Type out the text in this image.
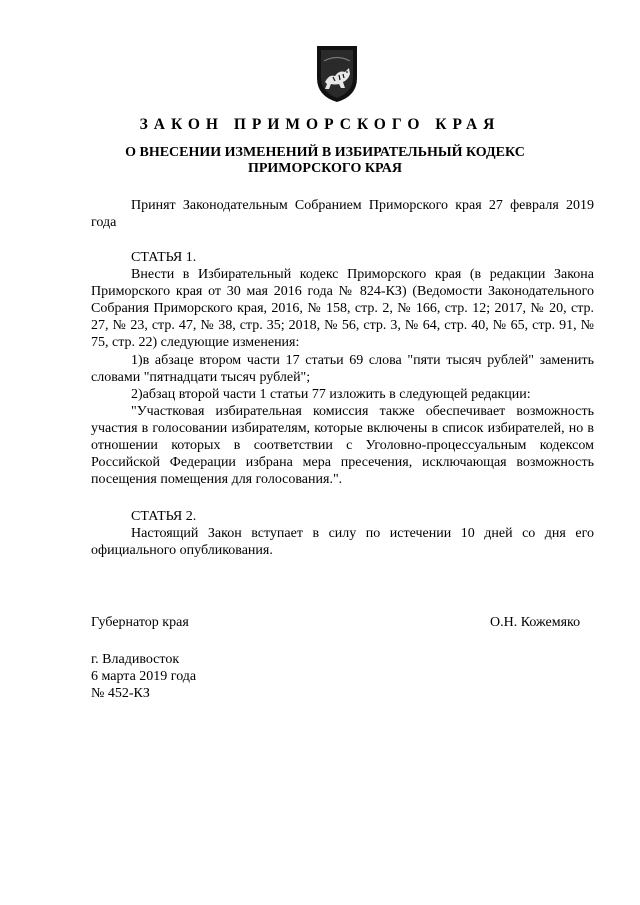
ЗАКОН ПРИМОРСКОГО КРАЯ
О ВНЕСЕНИИ ИЗМЕНЕНИЙ В ИЗБИРАТЕЛЬНЫЙ КОДЕКС ПРИМОРСКОГО КРАЯ

Принят Законодательным Собранием Приморского края 27 февраля 2019 года

СТАТЬЯ 1.

Внести в Избирательный кодекс Приморского края (в редакции Закона Приморского края от 30 мая 2016 года № 824-КЗ) (Ведомости Законодательного Собрания Приморского края, 2016, № 158, стр. 2, № 166, стр. 12; 2017, № 20, стр. 27, № 23, стр. 47, № 38, стр. 35; 2018, № 56, стр. 3, № 64, стр. 40, № 65, стр. 91, № 75, стр. 22) следующие изменения:

1)в абзаце втором части 17 статьи 69 слова "пяти тысяч рублей" заменить словами "пятнадцати тысяч рублей";

2)абзац второй части 1 статьи 77 изложить в следующей редакции:

"Участковая избирательная комиссия также обеспечивает возможность участия в голосовании избирателям, которые включены в список избирателей, но в отношении которых в соответствии с Уголовно-процессуальным кодексом Российской Федерации избрана мера пресечения, исключающая возможность посещения помещения для голосования.".

СТАТЬЯ 2.

Настоящий Закон вступает в силу по истечении 10 дней со дня его официального опубликования.

Губернатор края	О.Н. Кожемяко
г. Владивосток
6 марта 2019 года
№ 452-КЗ
